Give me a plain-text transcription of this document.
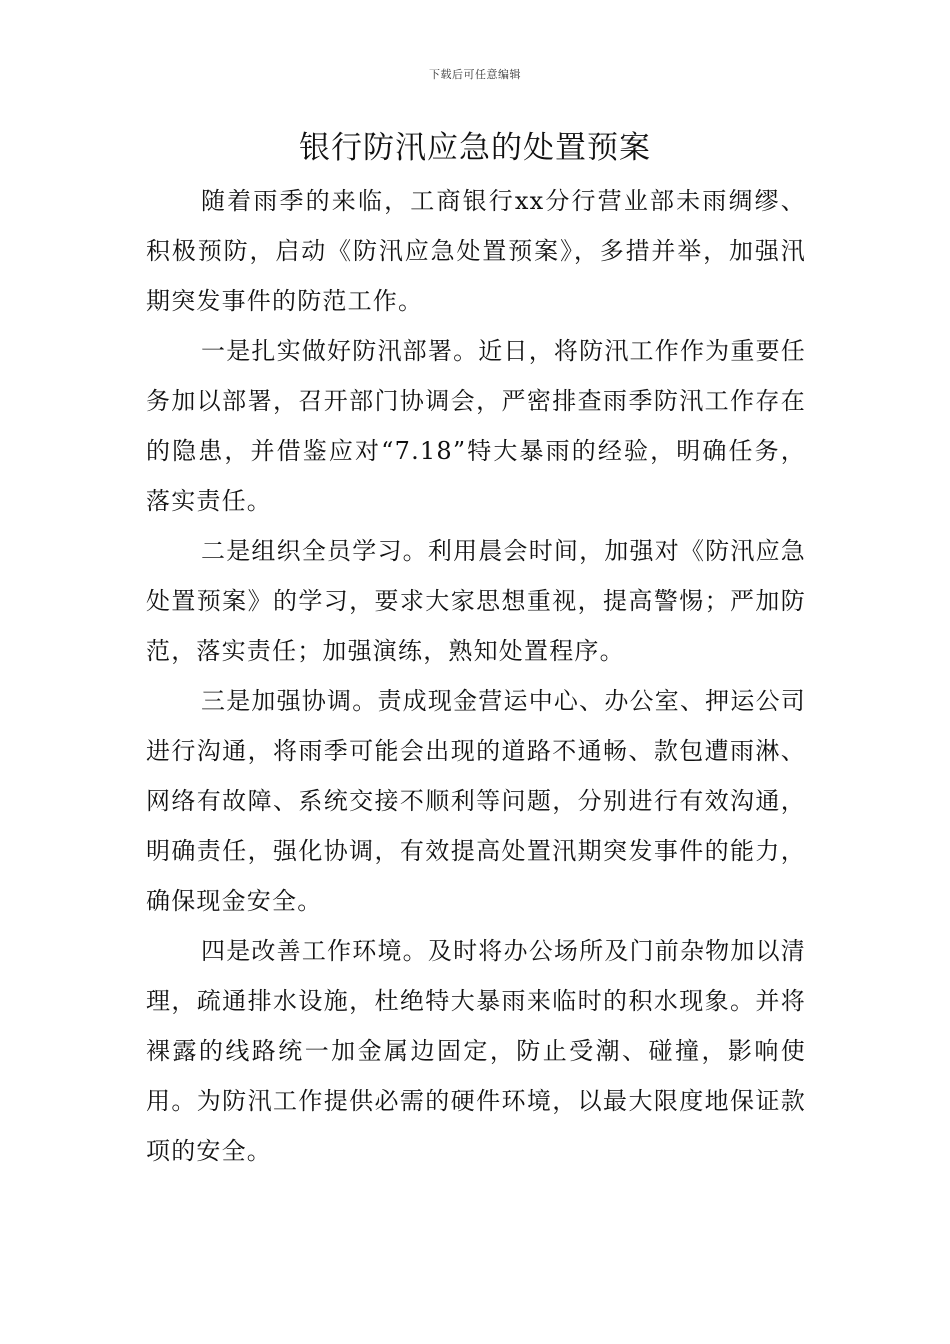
下载后可任意编辑
银行防汛应急的处置预案

随着雨季的来临，工商银行xx分行营业部未雨绸缪、积极预防，启动《防汛应急处置预案》，多措并举，加强汛期突发事件的防范工作。

一是扎实做好防汛部署。近日，将防汛工作作为重要任务加以部署，召开部门协调会，严密排查雨季防汛工作存在的隐患，并借鉴应对“7.18”特大暴雨的经验，明确任务，落实责任。

二是组织全员学习。利用晨会时间，加强对《防汛应急处置预案》的学习，要求大家思想重视，提高警惕；严加防范，落实责任；加强演练，熟知处置程序。

三是加强协调。责成现金营运中心、办公室、押运公司进行沟通，将雨季可能会出现的道路不通畅、款包遭雨淋、网络有故障、系统交接不顺利等问题，分别进行有效沟通，明确责任，强化协调，有效提高处置汛期突发事件的能力，确保现金安全。

四是改善工作环境。及时将办公场所及门前杂物加以清理，疏通排水设施，杜绝特大暴雨来临时的积水现象。并将裸露的线路统一加金属边固定，防止受潮、碰撞，影响使用。为防汛工作提供必需的硬件环境，以最大限度地保证款项的安全。
